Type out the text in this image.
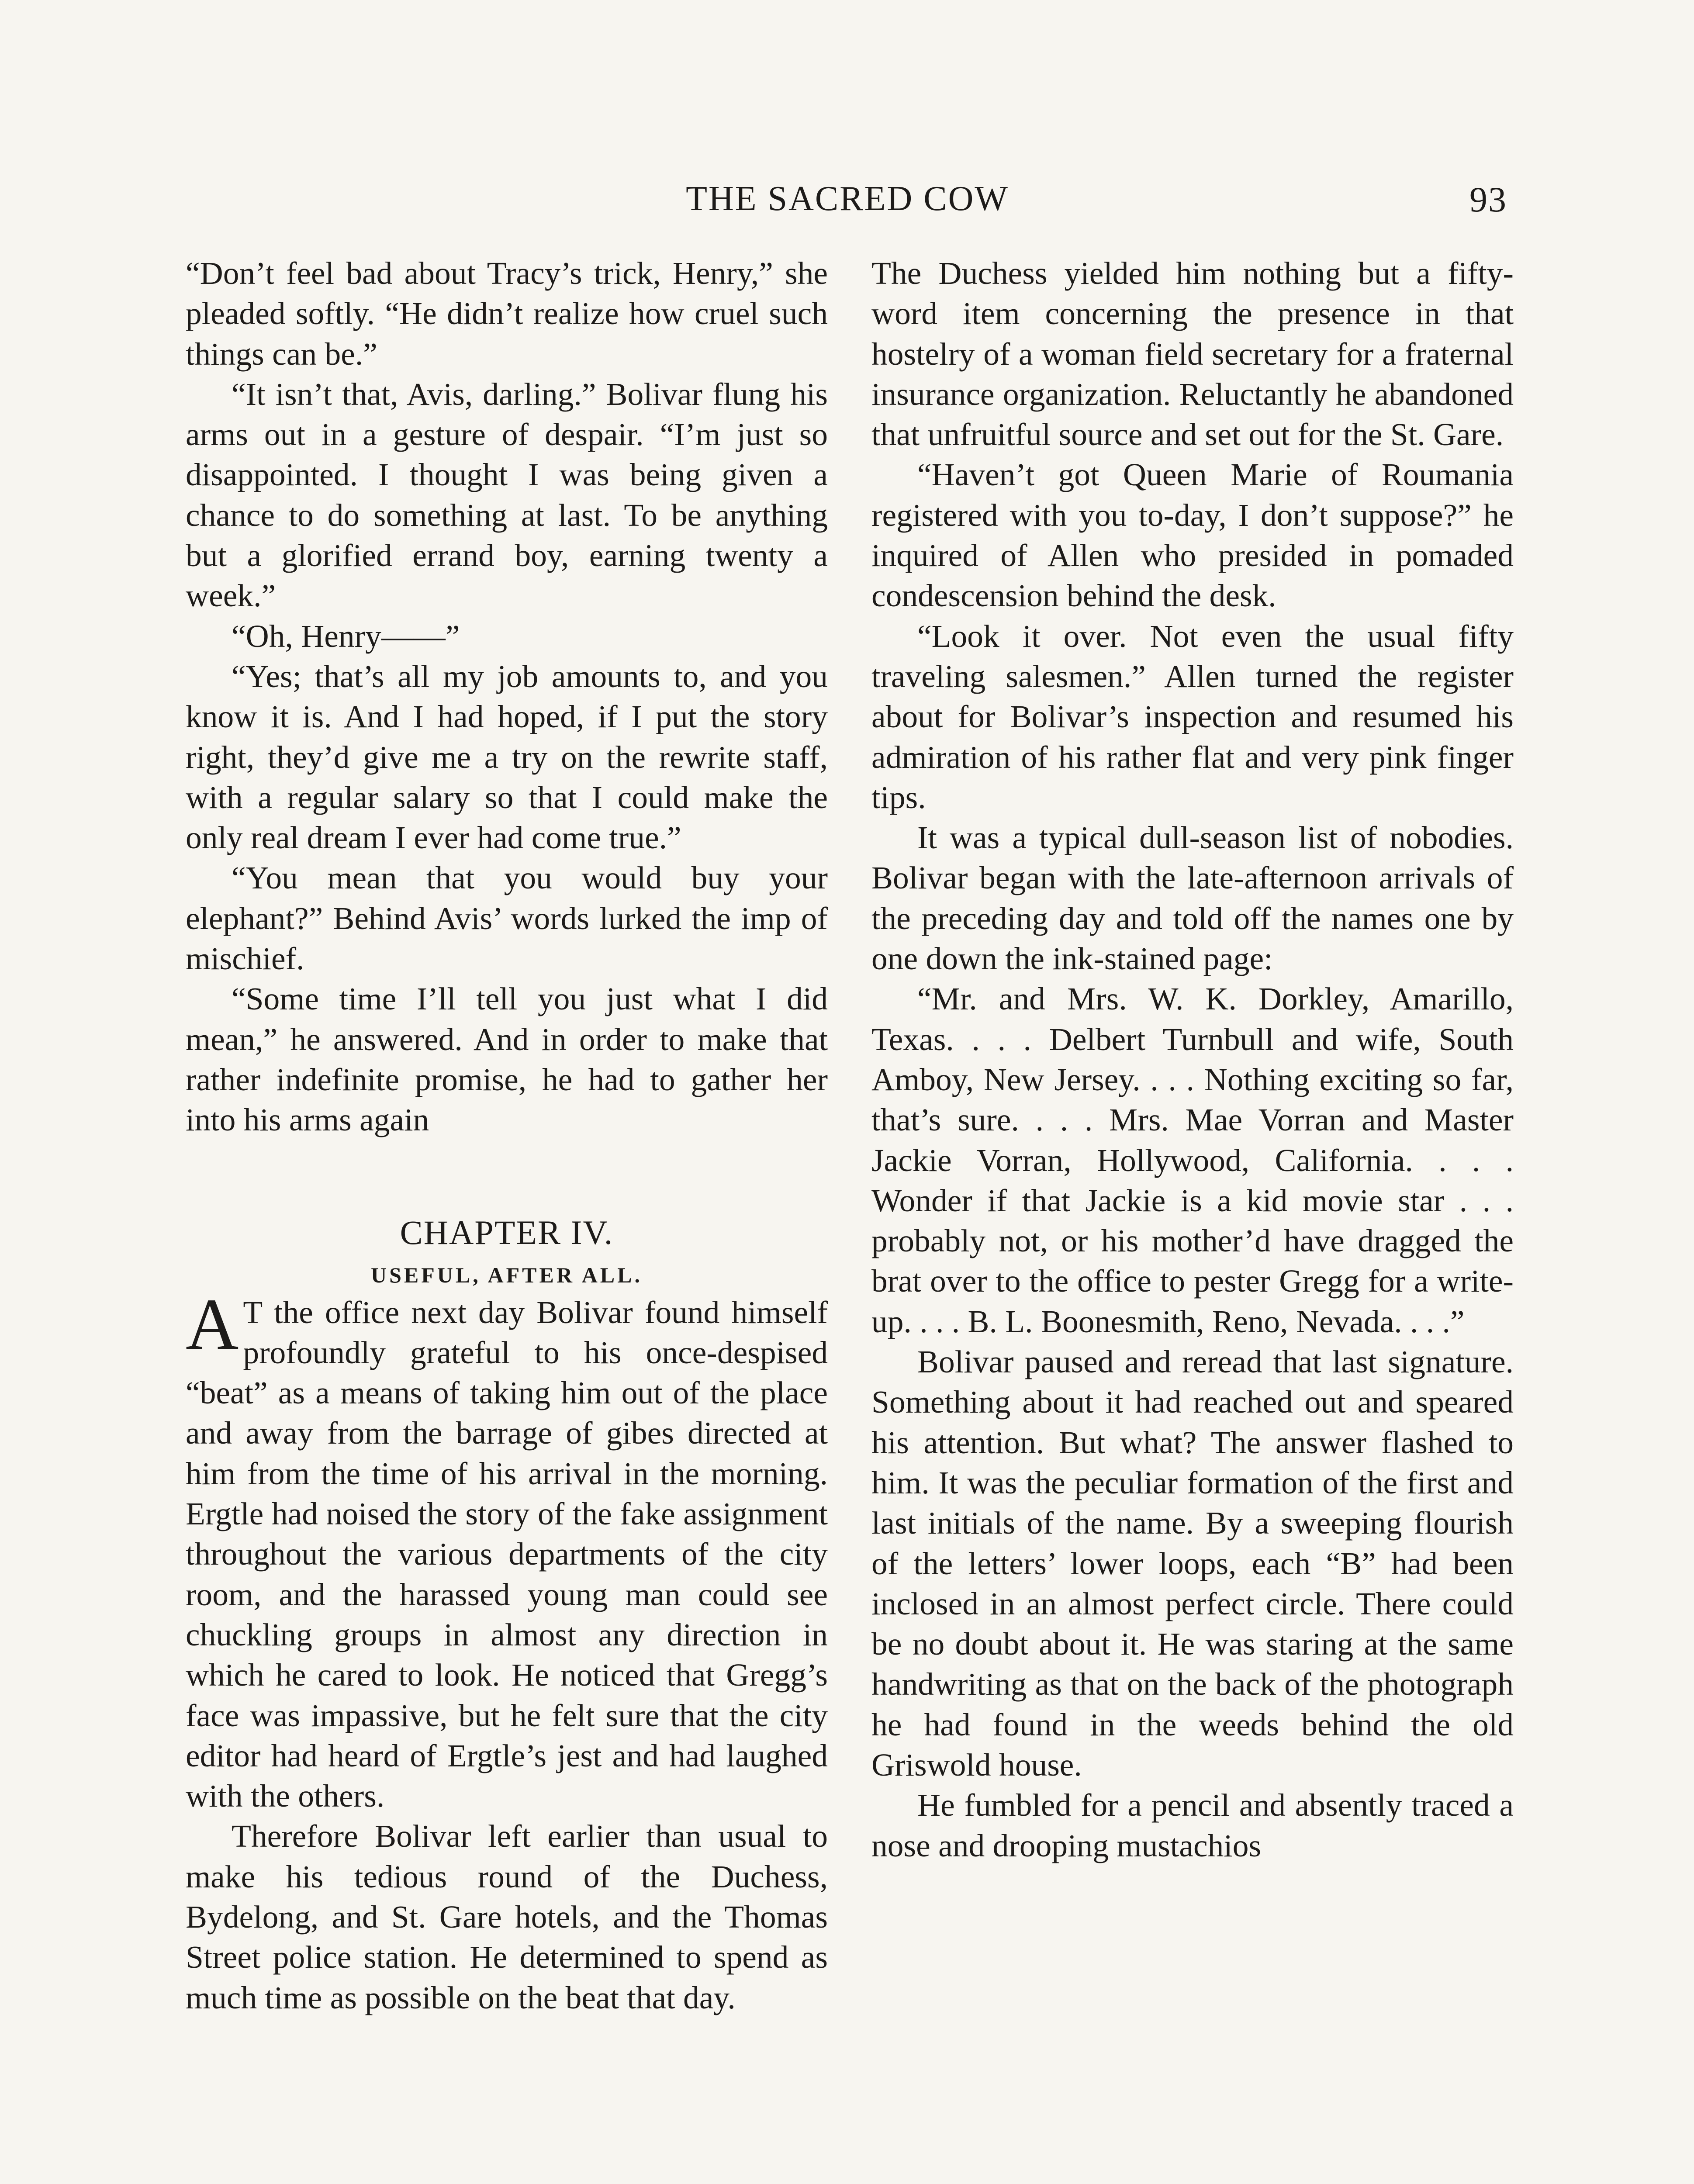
THE SACRED COW	93

“Don’t feel bad about Tracy’s trick, Henry,” she pleaded softly. “He didn’t realize how cruel such things can be.”

“It isn’t that, Avis, darling.” Bolivar flung his arms out in a gesture of despair. “I’m just so disappointed. I thought I was being given a chance to do something at last. To be anything but a glorified errand boy, earning twenty a week.”

“Oh, Henry——”

“Yes; that’s all my job amounts to, and you know it is. And I had hoped, if I put the story right, they’d give me a try on the rewrite staff, with a regular salary so that I could make the only real dream I ever had come true.”

“You mean that you would buy your elephant?” Behind Avis’ words lurked the imp of mischief.

“Some time I’ll tell you just what I did mean,” he answered. And in order to make that rather indefinite promise, he had to gather her into his arms again

CHAPTER IV.
USEFUL, AFTER ALL.

A T the office next day Bolivar found himself profoundly grateful to his once-despised “beat” as a means of taking him out of the place and away from the barrage of gibes directed at him from the time of his arrival in the morning. Ergtle had noised the story of the fake assignment throughout the various departments of the city room, and the harassed young man could see chuckling groups in almost any direction in which he cared to look. He noticed that Gregg’s face was impassive, but he felt sure that the city editor had heard of Ergtle’s jest and had laughed with the others.

Therefore Bolivar left earlier than usual to make his tedious round of the Duchess, Bydelong, and St. Gare hotels, and the Thomas Street police station. He determined to spend as much time as possible on the beat that day.

The Duchess yielded him nothing but a fifty-word item concerning the presence in that hostelry of a woman field secretary for a fraternal insurance organization. Reluctantly he abandoned that unfruitful source and set out for the St. Gare.

“Haven’t got Queen Marie of Roumania registered with you to-day, I don’t suppose?” he inquired of Allen who presided in pomaded condescension behind the desk.

“Look it over. Not even the usual fifty traveling salesmen.” Allen turned the register about for Bolivar’s inspection and resumed his admiration of his rather flat and very pink finger tips.

It was a typical dull-season list of nobodies. Bolivar began with the late-afternoon arrivals of the preceding day and told off the names one by one down the ink-stained page:

“Mr. and Mrs. W. K. Dorkley, Amarillo, Texas. . . . Delbert Turnbull and wife, South Amboy, New Jersey. . . . Nothing exciting so far, that’s sure. . . . Mrs. Mae Vorran and Master Jackie Vorran, Hollywood, California. . . . Wonder if that Jackie is a kid movie star . . . probably not, or his mother’d have dragged the brat over to the office to pester Gregg for a write-up. . . . B. L. Boonesmith, Reno, Nevada. . . .”

Bolivar paused and reread that last signature. Something about it had reached out and speared his attention. But what? The answer flashed to him. It was the peculiar formation of the first and last initials of the name. By a sweeping flourish of the letters’ lower loops, each “B” had been inclosed in an almost perfect circle. There could be no doubt about it. He was staring at the same handwriting as that on the back of the photograph he had found in the weeds behind the old Griswold house.

He fumbled for a pencil and absently traced a nose and drooping mustachios
